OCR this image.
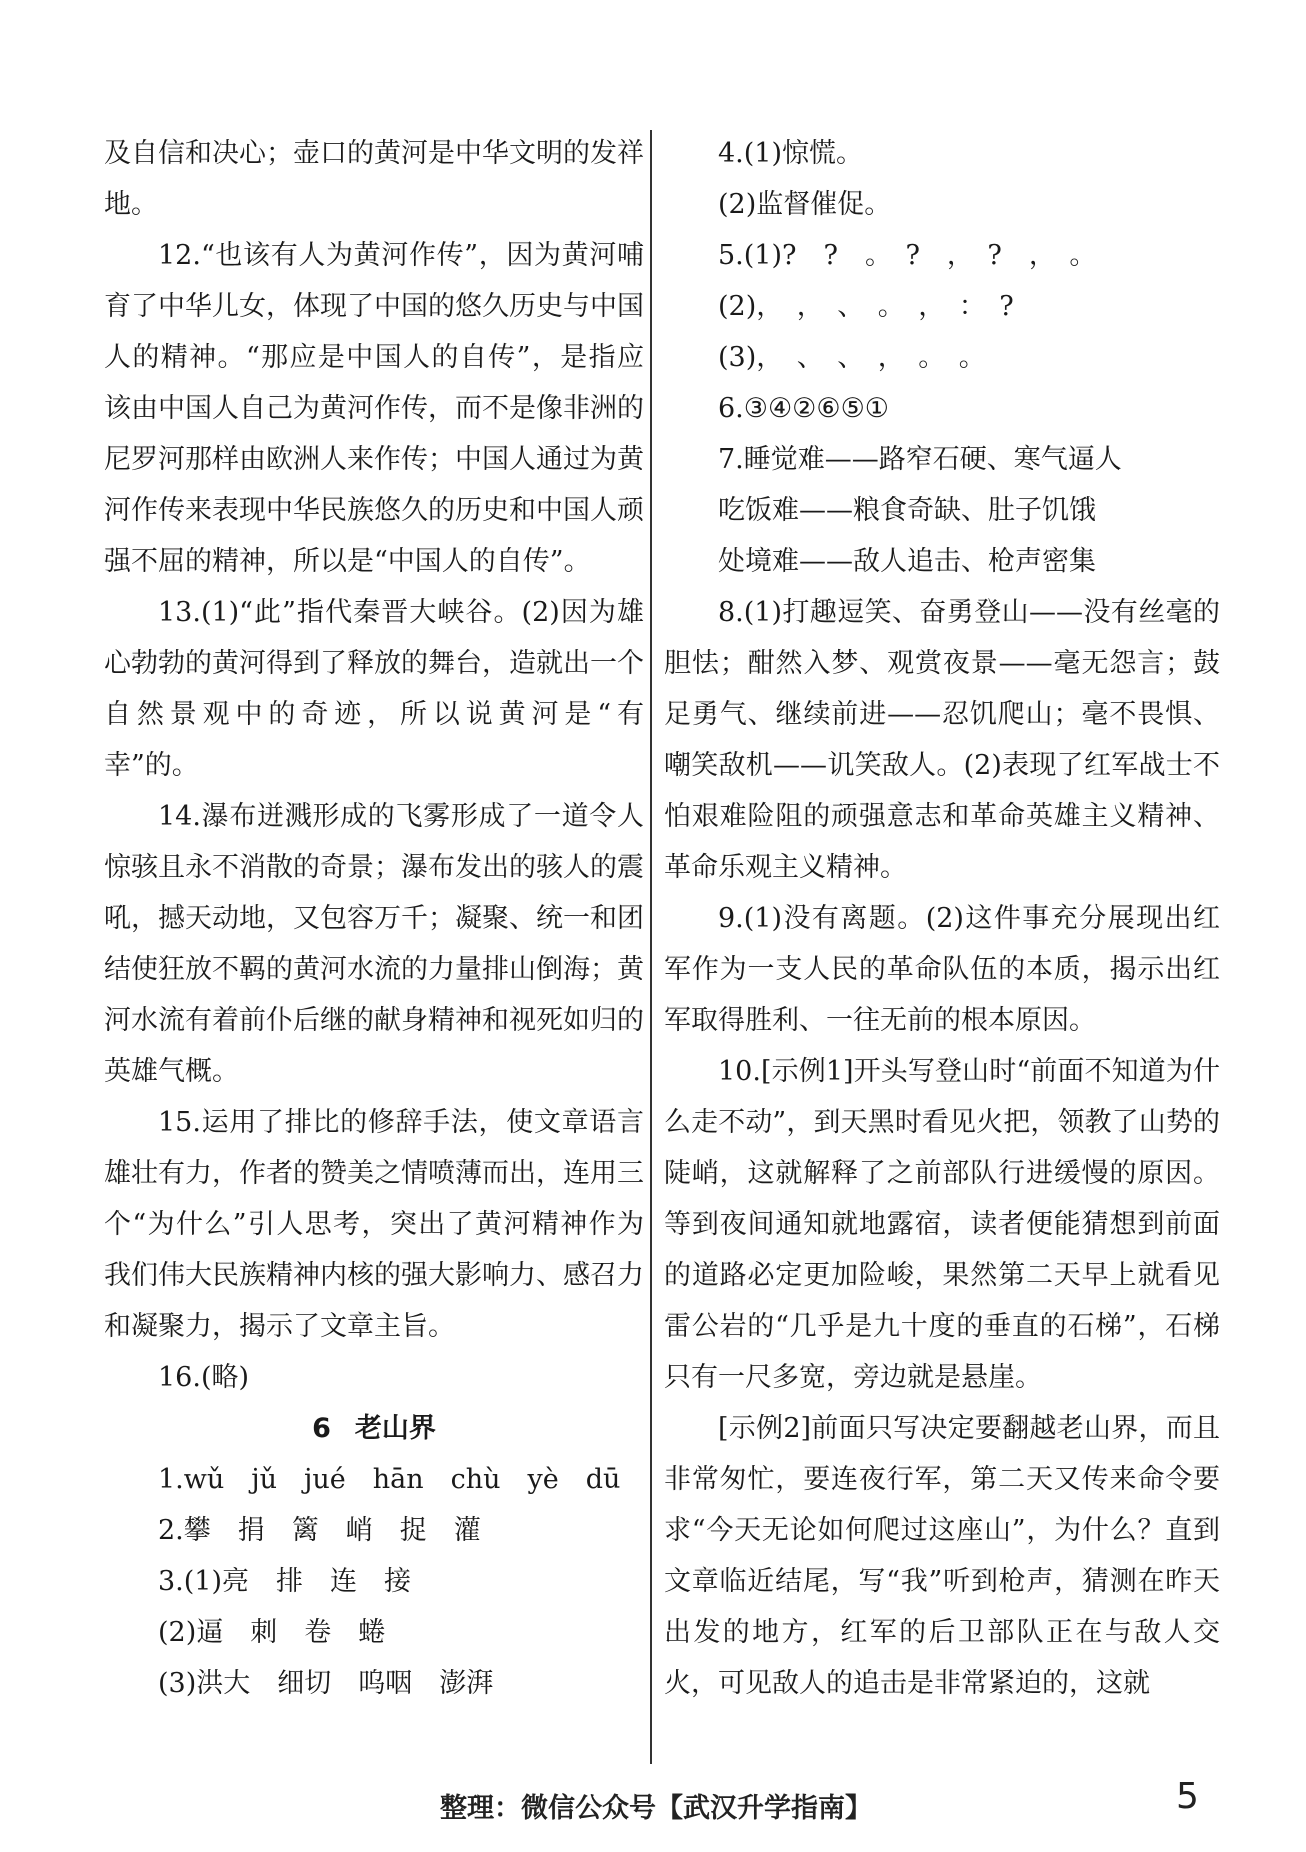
及自信和决心；壶口的黄河是中华文明的发祥地。

12.“也该有人为黄河作传”，因为黄河哺育了中华儿女，体现了中国的悠久历史与中国人的精神。“那应是中国人的自传”，是指应该由中国人自己为黄河作传，而不是像非洲的尼罗河那样由欧洲人来作传；中国人通过为黄河作传来表现中华民族悠久的历史和中国人顽强不屈的精神，所以是“中国人的自传”。

13.(1)“此”指代秦晋大峡谷。(2)因为雄心勃勃的黄河得到了释放的舞台，造就出一个自然景观中的奇迹，所以说黄河是“有幸”的。

14.瀑布迸溅形成的飞雾形成了一道令人惊骇且永不消散的奇景；瀑布发出的骇人的震吼，撼天动地，又包容万千；凝聚、统一和团结使狂放不羁的黄河水流的力量排山倒海；黄河水流有着前仆后继的献身精神和视死如归的英雄气概。

15.运用了排比的修辞手法，使文章语言雄壮有力，作者的赞美之情喷薄而出，连用三个“为什么”引人思考，突出了黄河精神作为我们伟大民族精神内核的强大影响力、感召力和凝聚力，揭示了文章主旨。

16.(略)

6 老山界

1.wǔ　jǔ　jué　hān　chù　yè　dū

2.攀　捐　篱　峭　捉　灌

3.(1)亮　排　连　接

(2)逼　刺　卷　蜷

(3)洪大　细切　呜咽　澎湃

4.(1)惊慌。

(2)监督催促。

5.(1)?　?　。　?　，　?　，　。

(2)，　，　、　。　，　：　?

(3)，　、　、　，　。　。

6.③④②⑥⑤①

7.睡觉难——路窄石硬、寒气逼人

吃饭难——粮食奇缺、肚子饥饿

处境难——敌人追击、枪声密集

8.(1)打趣逗笑、奋勇登山——没有丝毫的胆怯；酣然入梦、观赏夜景——毫无怨言；鼓足勇气、继续前进——忍饥爬山；毫不畏惧、嘲笑敌机——讥笑敌人。(2)表现了红军战士不怕艰难险阻的顽强意志和革命英雄主义精神、革命乐观主义精神。

9.(1)没有离题。(2)这件事充分展现出红军作为一支人民的革命队伍的本质，揭示出红军取得胜利、一往无前的根本原因。

10.[示例1]开头写登山时“前面不知道为什么走不动”，到天黑时看见火把，领教了山势的陡峭，这就解释了之前部队行进缓慢的原因。等到夜间通知就地露宿，读者便能猜想到前面的道路必定更加险峻，果然第二天早上就看见雷公岩的“几乎是九十度的垂直的石梯”，石梯只有一尺多宽，旁边就是悬崖。

[示例2]前面只写决定要翻越老山界，而且非常匆忙，要连夜行军，第二天又传来命令要求“今天无论如何爬过这座山”，为什么？直到文章临近结尾，写“我”听到枪声，猜测在昨天出发的地方，红军的后卫部队正在与敌人交火，可见敌人的追击是非常紧迫的，这就

整理：微信公众号【武汉升学指南】	5
